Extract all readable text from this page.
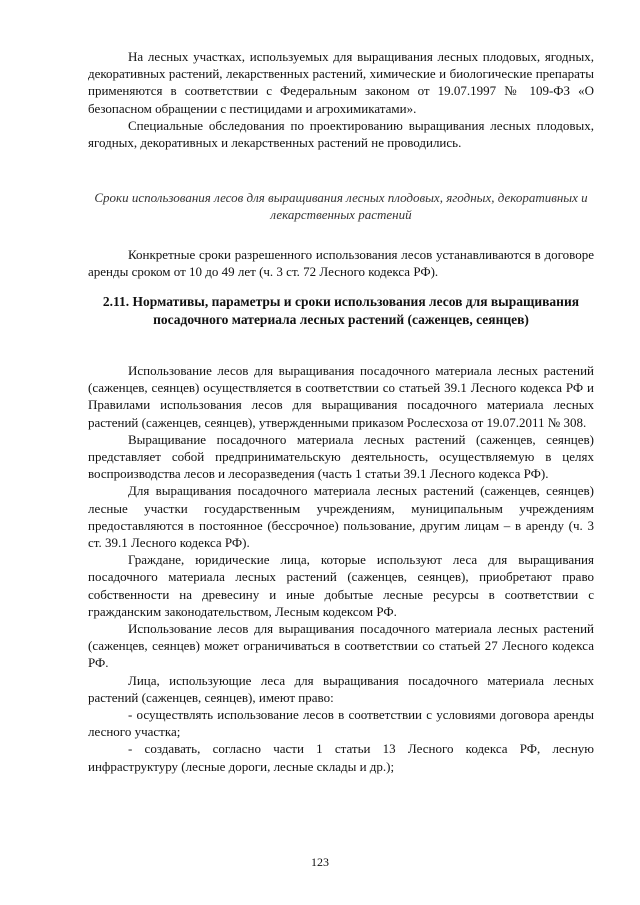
На лесных участках, используемых для выращивания лесных плодовых, ягодных, декоративных растений, лекарственных растений, химические и биологические препараты применяются в соответствии с Федеральным законом от 19.07.1997 № 109-ФЗ «О безопасном обращении с пестицидами и агрохимикатами».

Специальные обследования по проектированию выращивания лесных плодовых, ягодных, декоративных и лекарственных растений не проводились.

Сроки использования лесов для выращивания лесных плодовых, ягодных, декоративных и лекарственных растений

Конкретные сроки разрешенного использования лесов устанавливаются в договоре аренды сроком от 10 до 49 лет (ч. 3 ст. 72 Лесного кодекса РФ).

2.11. Нормативы, параметры и сроки использования лесов для выращивания посадочного материала лесных растений (саженцев, сеянцев)

Использование лесов для выращивания посадочного материала лесных растений (саженцев, сеянцев) осуществляется в соответствии со статьей 39.1 Лесного кодекса РФ и Правилами использования лесов для выращивания посадочного материала лесных растений (саженцев, сеянцев), утвержденными приказом Рослесхоза от 19.07.2011 № 308.

Выращивание посадочного материала лесных растений (саженцев, сеянцев) представляет собой предпринимательскую деятельность, осуществляемую в целях воспроизводства лесов и лесоразведения (часть 1 статьи 39.1 Лесного кодекса РФ).

Для выращивания посадочного материала лесных растений (саженцев, сеянцев) лесные участки государственным учреждениям, муниципальным учреждениям предоставляются в постоянное (бессрочное) пользование, другим лицам – в аренду (ч. 3 ст. 39.1 Лесного кодекса РФ).

Граждане, юридические лица, которые используют леса для выращивания посадочного материала лесных растений (саженцев, сеянцев), приобретают право собственности на древесину и иные добытые лесные ресурсы в соответствии с гражданским законодательством, Лесным кодексом РФ.

Использование лесов для выращивания посадочного материала лесных растений (саженцев, сеянцев) может ограничиваться в соответствии со статьей 27 Лесного кодекса РФ.

Лица, использующие леса для выращивания посадочного материала лесных растений (саженцев, сеянцев), имеют право:

- осуществлять использование лесов в соответствии с условиями договора аренды лесного участка;

- создавать, согласно части 1 статьи 13 Лесного кодекса РФ, лесную инфраструктуру (лесные дороги, лесные склады и др.);

123
